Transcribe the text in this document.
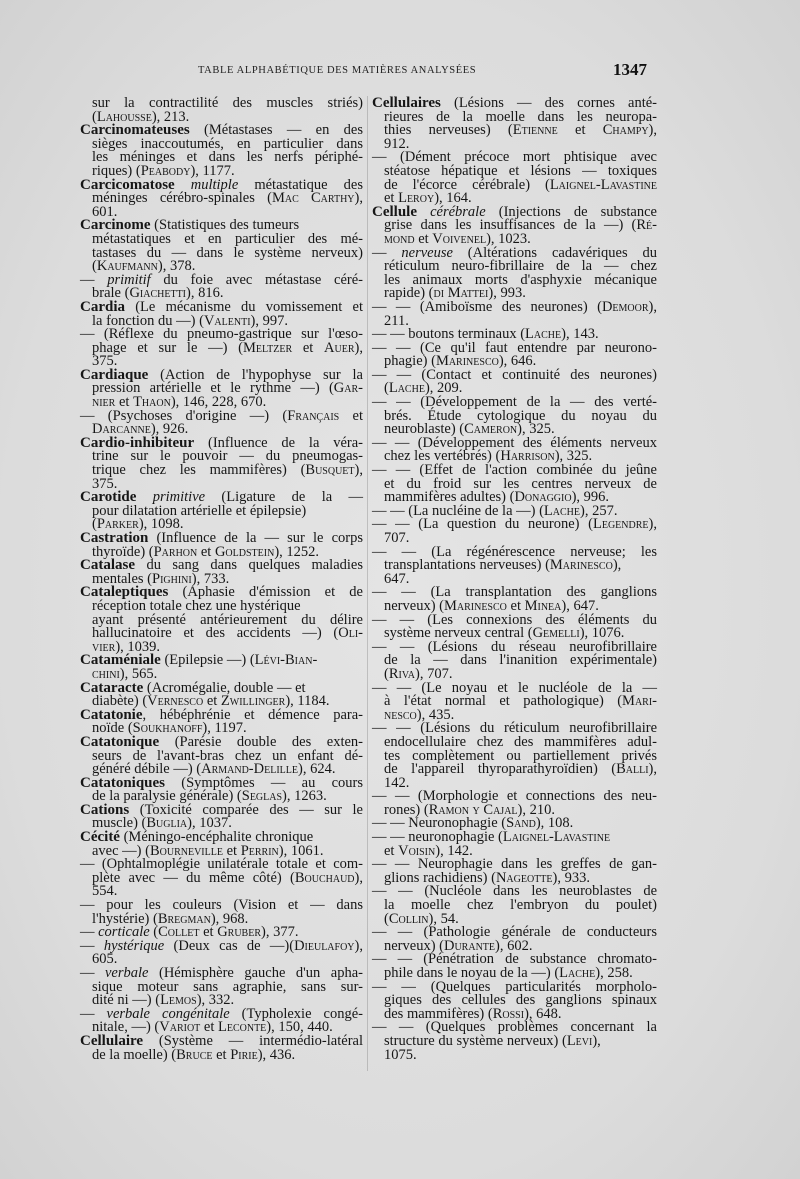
TABLE ALPHABÉTIQUE DES MATIÈRES ANALYSÉES	1347
sur la contractilité des muscles striés)
(Lahousse), 213.
Carcinomateuses (Métastases — en des
sièges inaccoutumés, en particulier dans
les méninges et dans les nerfs périphé-
riques) (Peabody), 1177.
Carcicomatose multiple métastatique des
méninges cérébro-spinales (Mac Carthy),
601.
Carcinome (Statistiques des tumeurs
métastatiques et en particulier des mé-
tastases du — dans le système nerveux)
(Kaufmann), 378.
— primitif du foie avec métastase céré-
brale (Giachetti), 816.
Cardia (Le mécanisme du vomissement et
la fonction du —) (Valenti), 997.
— (Réflexe du pneumo-gastrique sur l'œso-
phage et sur le —) (Meltzer et Auer),
375.
Cardiaque (Action de l'hypophyse sur la
pression artérielle et le rythme —) (Gar-
nier et Thaon), 146, 228, 670.
— (Psychoses d'origine —) (Français et
Darcanne), 926.
Cardio-inhibiteur (Influence de la véra-
trine sur le pouvoir — du pneumogas-
trique chez les mammifères) (Busquet),
375.
Carotide primitive (Ligature de la —
pour dilatation artérielle et épilepsie)
(Parker), 1098.
Castration (Influence de la — sur le corps
thyroïde) (Parhon et Goldstein), 1252.
Catalase du sang dans quelques maladies
mentales (Pighini), 733.
Cataleptiques (Aphasie d'émission et de
réception totale chez une hystérique
ayant présenté antérieurement du délire
hallucinatoire et des accidents —) (Oli-
vier), 1039.
Cataméniale (Epilepsie —) (Lévi-Bian-
chini), 565.
Cataracte (Acromégalie, double — et
diabète) (Vernesco et Zwillinger), 1184.
Catatonie, hébéphrénie et démence para-
noïde (Soukhanoff), 1197.
Catatonique (Parésie double des exten-
seurs de l'avant-bras chez un enfant dé-
généré débile —) (Armand-Delille), 624.
Catatoniques (Symptômes — au cours
de la paralysie générale) (Seglas), 1263.
Cations (Toxicité comparée des — sur le
muscle) (Buglia), 1037.
Cécité (Méningo-encéphalite chronique
avec —) (Bourneville et Perrin), 1061.
— (Ophtalmoplégie unilatérale totale et com-
plète avec — du même côté) (Bouchaud),
554.
— pour les couleurs (Vision et — dans
l'hystérie) (Bregman), 968.
— corticale (Collet et Gruber), 377.
— hystérique (Deux cas de —)(Dieulafoy),
605.
— verbale (Hémisphère gauche d'un apha-
sique moteur sans agraphie, sans sur-
dité ni —) (Lemos), 332.
— verbale congénitale (Typholexie congé-
nitale, —) (Variot et Leconte), 150, 440.
Cellulaire (Système — intermédio-latéral
de la moelle) (Bruce et Pirie), 436.
Cellulaires (Lésions — des cornes anté-
rieures de la moelle dans les neuropa-
thies nerveuses) (Etienne et Champy),
912.
— (Dément précoce mort phtisique avec
stéatose hépatique et lésions — toxiques
de l'écorce cérébrale) (Laignel-Lavastine
et Leroy), 164.
Cellule cérébrale (Injections de substance
grise dans les insuffisances de la —) (Ré-
mond et Voivenel), 1023.
— nerveuse (Altérations cadavériques du
réticulum neuro-fibrillaire de la — chez
les animaux morts d'asphyxie mécanique
rapide) (di Mattei), 993.
— — (Amiboïsme des neurones) (Demoor),
211.
— — boutons terminaux (Lache), 143.
— — (Ce qu'il faut entendre par neurono-
phagie) (Marinesco), 646.
— — (Contact et continuité des neurones)
(Lache), 209.
— — (Développement de la — des verté-
brés. Étude cytologique du noyau du
neuroblaste) (Cameron), 325.
— — (Développement des éléments nerveux
chez les vertébrés) (Harrison), 325.
— — (Effet de l'action combinée du jeûne
et du froid sur les centres nerveux de
mammifères adultes) (Donaggio), 996.
— — (La nucléine de la —) (Lache), 257.
— — (La question du neurone) (Legendre),
707.
— — (La régénérescence nerveuse; les
transplantations nerveuses) (Marinesco),
647.
— — (La transplantation des ganglions
nerveux) (Marinesco et Minea), 647.
— — (Les connexions des éléments du
système nerveux central (Gemelli), 1076.
— — (Lésions du réseau neurofibrillaire
de la — dans l'inanition expérimentale)
(Riva), 707.
— — (Le noyau et le nucléole de la —
à l'état normal et pathologique) (Mari-
nesco), 435.
— — (Lésions du réticulum neurofibrillaire
endocellulaire chez des mammifères adul-
tes complètement ou partiellement privés
de l'appareil thyroparathyroïdien) (Balli),
142.
— — (Morphologie et connections des neu-
rones) (Ramon y Cajal), 210.
— — Neuronophagie (Sand), 108.
— — neuronophagie (Laignel-Lavastine
et Voisin), 142.
— — Neurophagie dans les greffes de gan-
glions rachidiens) (Nageotte), 933.
— — (Nucléole dans les neuroblastes de
la moelle chez l'embryon du poulet)
(Collin), 54.
— — (Pathologie générale de conducteurs
nerveux) (Durante), 602.
— — (Pénétration de substance chromato-
phile dans le noyau de la —) (Lache), 258.
— — (Quelques particularités morpholo-
giques des cellules des ganglions spinaux
des mammifères) (Rossi), 648.
— — (Quelques problèmes concernant la
structure du système nerveux) (Levi),
1075.
